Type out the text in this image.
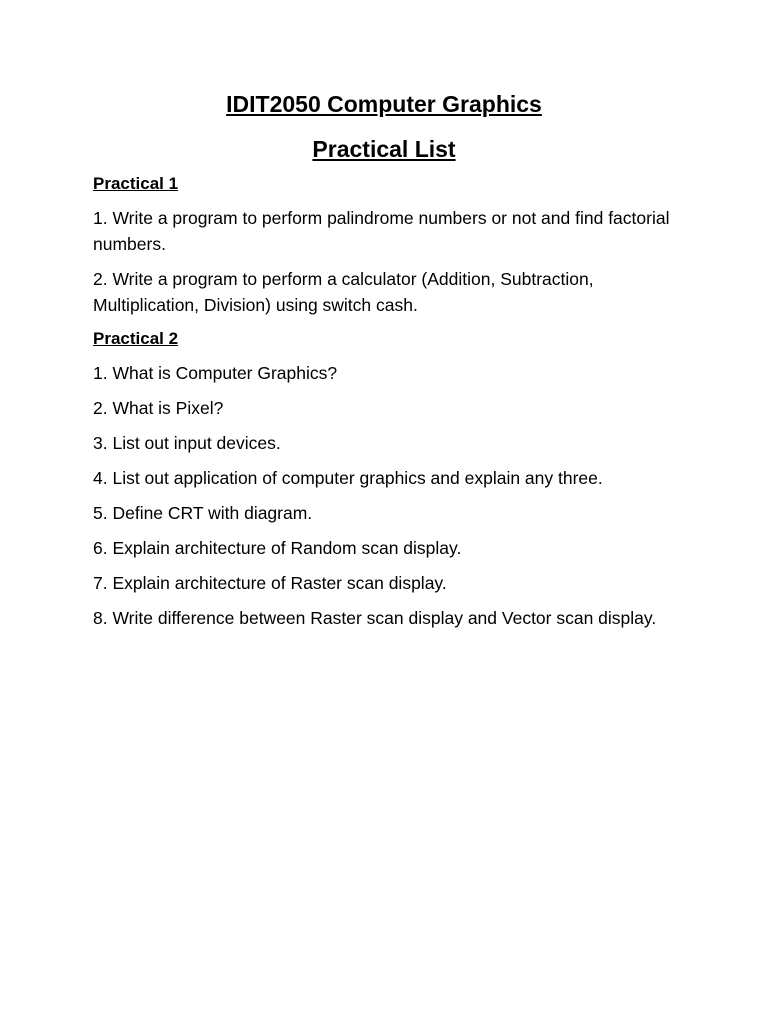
IDIT2050 Computer Graphics
Practical List

Practical 1

1. Write a program to perform palindrome numbers or not and find factorial numbers.

2. Write a program to perform a calculator (Addition, Subtraction, Multiplication, Division) using switch cash.

Practical 2

1. What is Computer Graphics?

2. What is Pixel?

3. List out input devices.

4. List out application of computer graphics and explain any three.

5. Define CRT with diagram.

6. Explain architecture of Random scan display.

7. Explain architecture of Raster scan display.

8. Write difference between Raster scan display and Vector scan display.
